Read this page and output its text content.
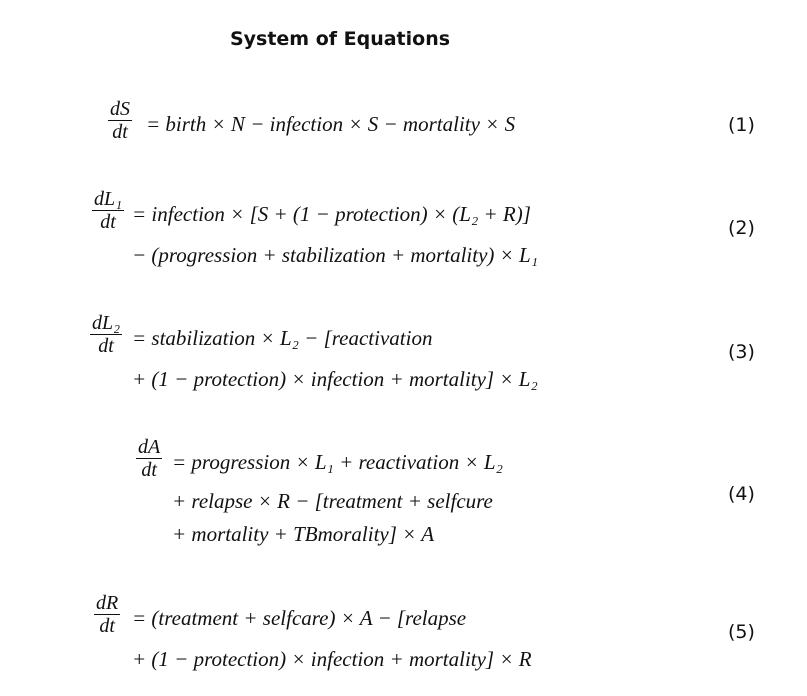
System of Equations
dS
dt = birth × N − infection × S − mortality × S	(1)
dL₁
dt = infection × [S + (1 − protection) × (L₂ + R)]
− (progression + stabilization + mortality) × L₁
(2)
dL₂
dt = stabilization × L₂ − [reactivation
+ (1 − protection) × infection + mortality] × L₂
(3)
dA
dt = progression × L₁ + reactivation × L₂
+ relapse × R − [treatment + selfcure
+ mortality + TBmorality] × A
(4)
dR
dt = (treatment + selfcare) × A − [relapse
+ (1 − protection) × infection + mortality] × R
(5)
